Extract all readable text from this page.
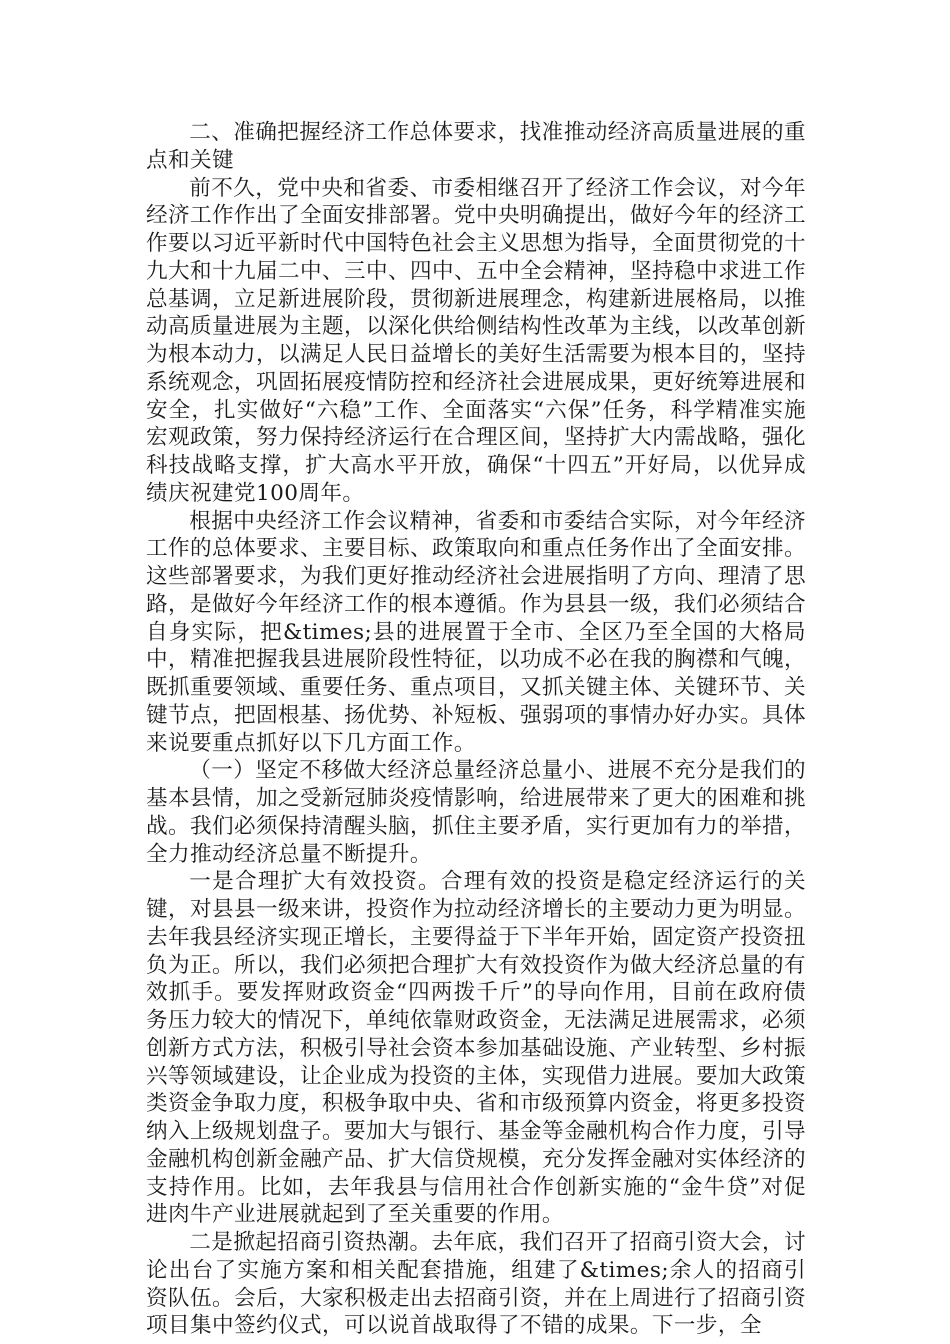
二、准确把握经济工作总体要求，找准推动经济高质量进展的重点和关键

前不久，党中央和省委、市委相继召开了经济工作会议，对今年经济工作作出了全面安排部署。党中央明确提出，做好今年的经济工作要以习近平新时代中国特色社会主义思想为指导，全面贯彻党的十九大和十九届二中、三中、四中、五中全会精神，坚持稳中求进工作总基调，立足新进展阶段，贯彻新进展理念，构建新进展格局，以推动高质量进展为主题，以深化供给侧结构性改革为主线，以改革创新为根本动力，以满足人民日益增长的美好生活需要为根本目的，坚持系统观念，巩固拓展疫情防控和经济社会进展成果，更好统筹进展和安全，扎实做好“六稳”工作、全面落实“六保”任务，科学精准实施宏观政策，努力保持经济运行在合理区间，坚持扩大内需战略，强化科技战略支撑，扩大高水平开放，确保“十四五”开好局，以优异成绩庆祝建党100周年。

根据中央经济工作会议精神，省委和市委结合实际，对今年经济工作的总体要求、主要目标、政策取向和重点任务作出了全面安排。这些部署要求，为我们更好推动经济社会进展指明了方向、理清了思路，是做好今年经济工作的根本遵循。作为县县一级，我们必须结合自身实际，把&times;县的进展置于全市、全区乃至全国的大格局中，精准把握我县进展阶段性特征，以功成不必在我的胸襟和气魄，既抓重要领域、重要任务、重点项目，又抓关键主体、关键环节、关键节点，把固根基、扬优势、补短板、强弱项的事情办好办实。具体来说要重点抓好以下几方面工作。

（一）坚定不移做大经济总量经济总量小、进展不充分是我们的基本县情，加之受新冠肺炎疫情影响，给进展带来了更大的困难和挑战。我们必须保持清醒头脑，抓住主要矛盾，实行更加有力的举措，全力推动经济总量不断提升。

一是合理扩大有效投资。合理有效的投资是稳定经济运行的关键，对县县一级来讲，投资作为拉动经济增长的主要动力更为明显。去年我县经济实现正增长，主要得益于下半年开始，固定资产投资扭负为正。所以，我们必须把合理扩大有效投资作为做大经济总量的有效抓手。要发挥财政资金“四两拨千斤”的导向作用，目前在政府债务压力较大的情况下，单纯依靠财政资金，无法满足进展需求，必须创新方式方法，积极引导社会资本参加基础设施、产业转型、乡村振兴等领域建设，让企业成为投资的主体，实现借力进展。要加大政策类资金争取力度，积极争取中央、省和市级预算内资金，将更多投资纳入上级规划盘子。要加大与银行、基金等金融机构合作力度，引导金融机构创新金融产品、扩大信贷规模，充分发挥金融对实体经济的支持作用。比如，去年我县与信用社合作创新实施的“金牛贷”对促进肉牛产业进展就起到了至关重要的作用。

二是掀起招商引资热潮。去年底，我们召开了招商引资大会，讨论出台了实施方案和相关配套措施，组建了&times;余人的招商引资队伍。会后，大家积极走出去招商引资，并在上周进行了招商引资项目集中签约仪式，可以说首战取得了不错的成果。下一步，全
